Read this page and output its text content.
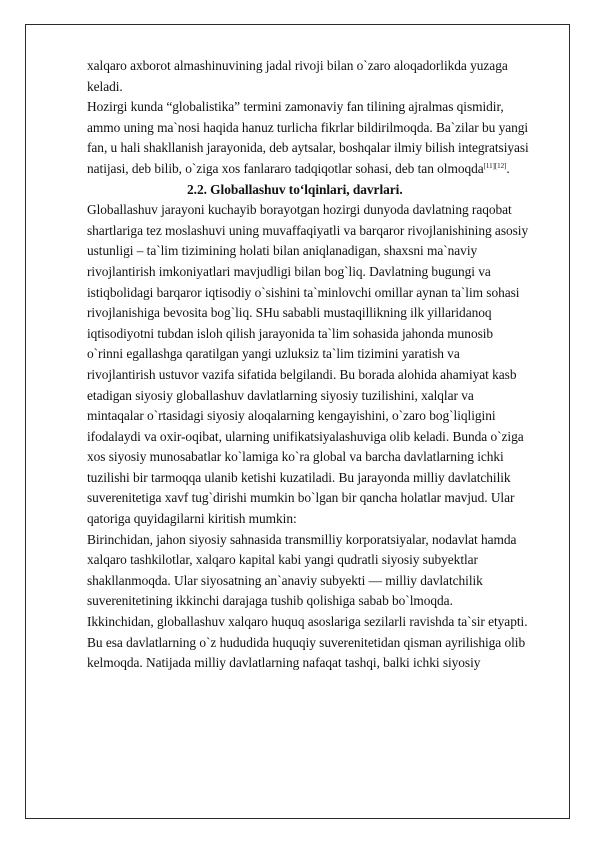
xalqaro axborot almashinuvining jadal rivoji bilan o`zaro aloqadorlikda yuzaga
keladi.
Hozirgi kunda “globalistika” termini zamonaviy fan tilining ajralmas qismidir,
ammo uning ma`nosi haqida hanuz turlicha fikrlar bildirilmoqda. Ba`zilar bu yangi
fan, u hali shakllanish jarayonida, deb aytsalar, boshqalar ilmiy bilish integratsiyasi
natijasi, deb bilib, o`ziga xos fanlararo tadqiqotlar sohasi, deb tan olmoqda[11][12].
2.2. Globallashuv to‘lqinlari, davrlari.
Globallashuv jarayoni kuchayib borayotgan hozirgi dunyoda davlatning raqobat
shartlariga tez moslashuvi uning muvaffaqiyatli va barqaror rivojlanishining asosiy
ustunligi – ta`lim tizimining holati bilan aniqlanadigan, shaxsni ma`naviy
rivojlantirish imkoniyatlari mavjudligi bilan bog`liq. Davlatning bugungi va
istiqbolidagi barqaror iqtisodiy o`sishini ta`minlovchi omillar aynan ta`lim sohasi
rivojlanishiga bevosita bog`liq. SHu sababli mustaqillikning ilk yillaridanoq
iqtisodiyotni tubdan isloh qilish jarayonida ta`lim sohasida jahonda munosib
o`rinni egallashga qaratilgan yangi uzluksiz ta`lim tizimini yaratish va
rivojlantirish ustuvor vazifa sifatida belgilandi. Bu borada alohida ahamiyat kasb
etadigan siyosiy globallashuv davlatlarning siyosiy tuzilishini, xalqlar va
mintaqalar o`rtasidagi siyosiy aloqalarning kengayishini, o`zaro bog`liqligini
ifodalaydi va oxir-oqibat, ularning unifikatsiyalashuviga olib keladi. Bunda o`ziga
xos siyosiy munosabatlar ko`lamiga ko`ra global va barcha davlatlarning ichki
tuzilishi bir tarmoqqa ulanib ketishi kuzatiladi. Bu jarayonda milliy davlatchilik
suverenitetiga xavf tug`dirishi mumkin bo`lgan bir qancha holatlar mavjud. Ular
qatoriga quyidagilarni kiritish mumkin:
Birinchidan, jahon siyosiy sahnasida transmilliy korporatsiyalar, nodavlat hamda
xalqaro tashkilotlar, xalqaro kapital kabi yangi qudratli siyosiy subyektlar
shakllanmoqda. Ular siyosatning an`anaviy subyekti — milliy davlatchilik
suverenitetining ikkinchi darajaga tushib qolishiga sabab bo`lmoqda.
Ikkinchidan, globallashuv xalqaro huquq asoslariga sezilarli ravishda ta`sir etyapti.
Bu esa davlatlarning o`z hududida huquqiy suverenitetidan qisman ayrilishiga olib
kelmoqda. Natijada milliy davlatlarning nafaqat tashqi, balki ichki siyosiy
